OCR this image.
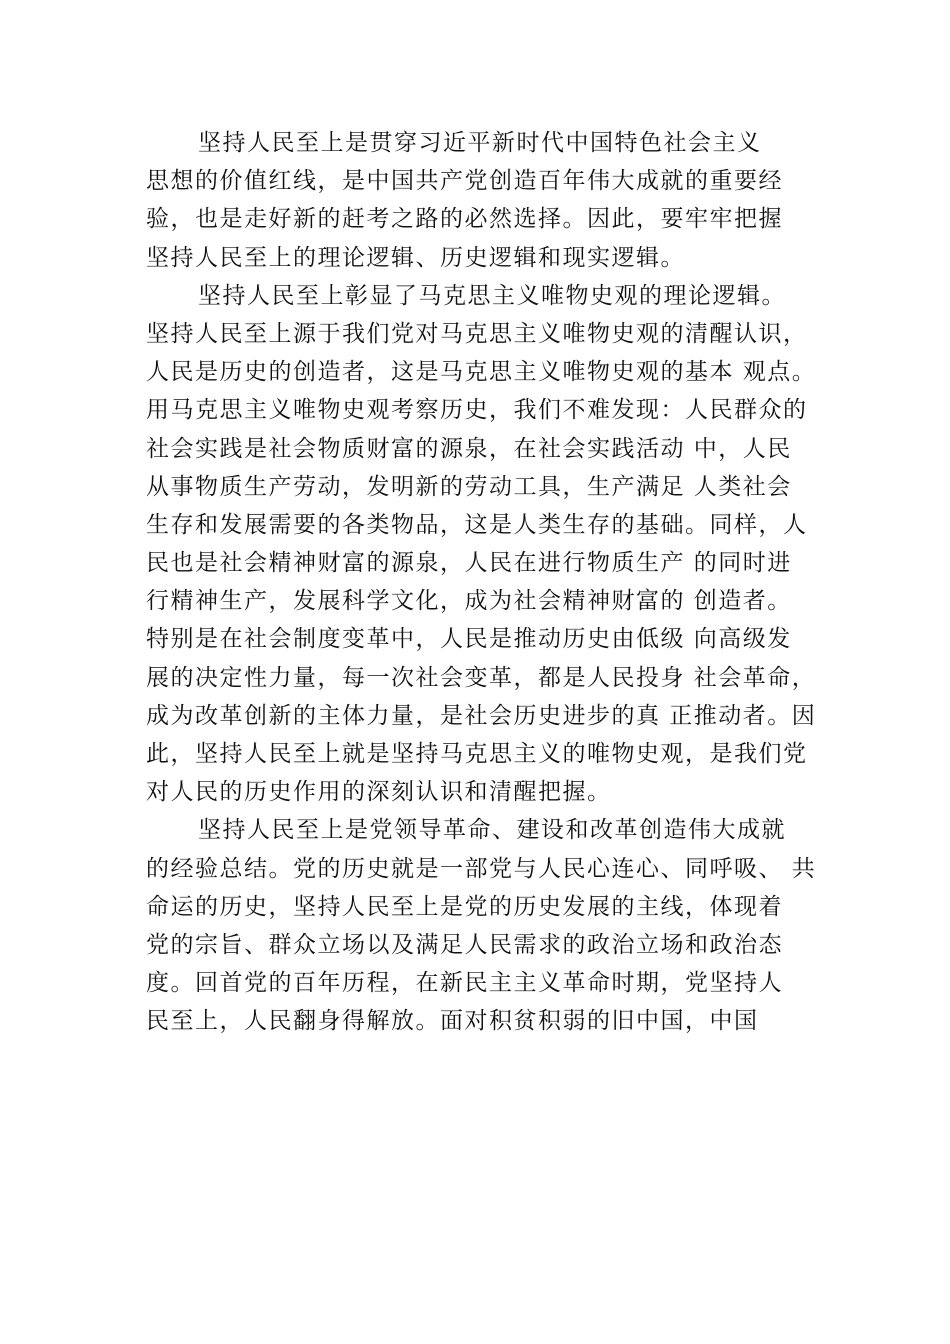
坚持人民至上是贯穿习近平新时代中国特色社会主义
思想的价值红线，是中国共产党创造百年伟大成就的重要经
验，也是走好新的赶考之路的必然选择。因此，要牢牢把握
坚持人民至上的理论逻辑、历史逻辑和现实逻辑。
坚持人民至上彰显了马克思主义唯物史观的理论逻辑。
坚持人民至上源于我们党对马克思主义唯物史观的清醒认识，
人民是历史的创造者，这是马克思主义唯物史观的基本 观点。
用马克思主义唯物史观考察历史，我们不难发现：人民群众的
社会实践是社会物质财富的源泉，在社会实践活动 中，人民
从事物质生产劳动，发明新的劳动工具，生产满足 人类社会
生存和发展需要的各类物品，这是人类生存的基础。同样，人
民也是社会精神财富的源泉，人民在进行物质生产 的同时进
行精神生产，发展科学文化，成为社会精神财富的 创造者。
特别是在社会制度变革中，人民是推动历史由低级 向高级发
展的决定性力量，每一次社会变革，都是人民投身 社会革命，
成为改革创新的主体力量，是社会历史进步的真 正推动者。因
此，坚持人民至上就是坚持马克思主义的唯物史观，是我们党
对人民的历史作用的深刻认识和清醒把握。
坚持人民至上是党领导革命、建设和改革创造伟大成就
的经验总结。党的历史就是一部党与人民心连心、同呼吸、 共
命运的历史，坚持人民至上是党的历史发展的主线，体现着
党的宗旨、群众立场以及满足人民需求的政治立场和政治态
度。回首党的百年历程，在新民主主义革命时期，党坚持人
民至上，人民翻身得解放。面对积贫积弱的旧中国，中国
